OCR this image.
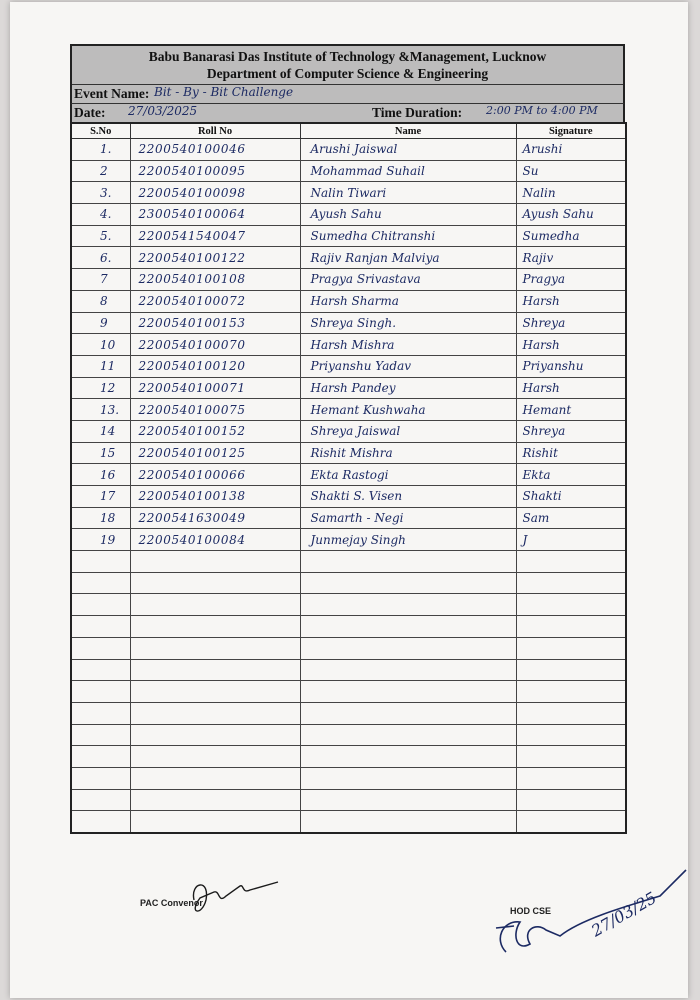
Babu Banarasi Das Institute of Technology &Management, Lucknow
Department of Computer Science & Engineering
Event Name: Bit - By - Bit Challenge
Date: 27/03/2025	Time Duration: 2:00 PM to 4:00 PM
S.No	Roll No	Name	Signature
1.	2200540100046	Arushi Jaiswal	Arushi
2	2200540100095	Mohammad Suhail	Su
3.	2200540100098	Nalin Tiwari	Nalin
4.	2300540100064	Ayush Sahu	Ayush Sahu
5.	2200541540047	Sumedha Chitranshi	Sumedha
6.	2200540100122	Rajiv Ranjan Malviya	Rajiv
7	2200540100108	Pragya Srivastava	Pragya
8	2200540100072	Harsh Sharma	Harsh
9	2200540100153	Shreya Singh.	Shreya
10	2200540100070	Harsh Mishra	Harsh
11	2200540100120	Priyanshu Yadav	Priyanshu
12	2200540100071	Harsh Pandey	Harsh
13.	2200540100075	Hemant Kushwaha	Hemant
14	2200540100152	Shreya Jaiswal	Shreya
15	2200540100125	Rishit Mishra	Rishit
16	2200540100066	Ekta Rastogi	Ekta
17	2200540100138	Shakti S. Visen	Shakti
18	2200541630049	Samarth - Negi	Sam
19	2200540100084	Junmejay Singh	J

PAC Convenor
HOD CSE 27/03/25
